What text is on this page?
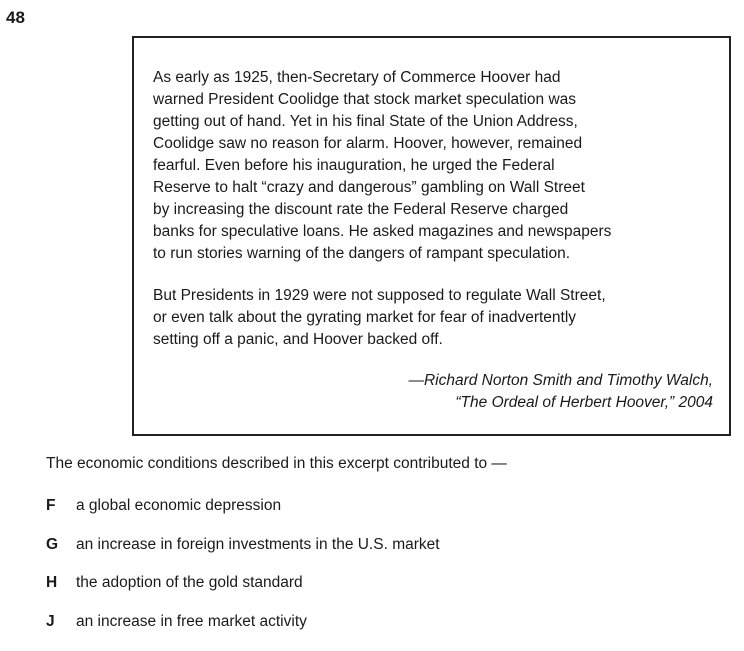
48

As early as 1925, then-Secretary of Commerce Hoover had
warned President Coolidge that stock market speculation was
getting out of hand. Yet in his final State of the Union Address,
Coolidge saw no reason for alarm. Hoover, however, remained
fearful. Even before his inauguration, he urged the Federal
Reserve to halt “crazy and dangerous” gambling on Wall Street
by increasing the discount rate the Federal Reserve charged
banks for speculative loans. He asked magazines and newspapers
to run stories warning of the dangers of rampant speculation.

But Presidents in 1929 were not supposed to regulate Wall Street,
or even talk about the gyrating market for fear of inadvertently
setting off a panic, and Hoover backed off.

—Richard Norton Smith and Timothy Walch,
“The Ordeal of Herbert Hoover,” 2004
The economic conditions described in this excerpt contributed to —
F	a global economic depression
G	an increase in foreign investments in the U.S. market
H	the adoption of the gold standard
J	an increase in free market activity
